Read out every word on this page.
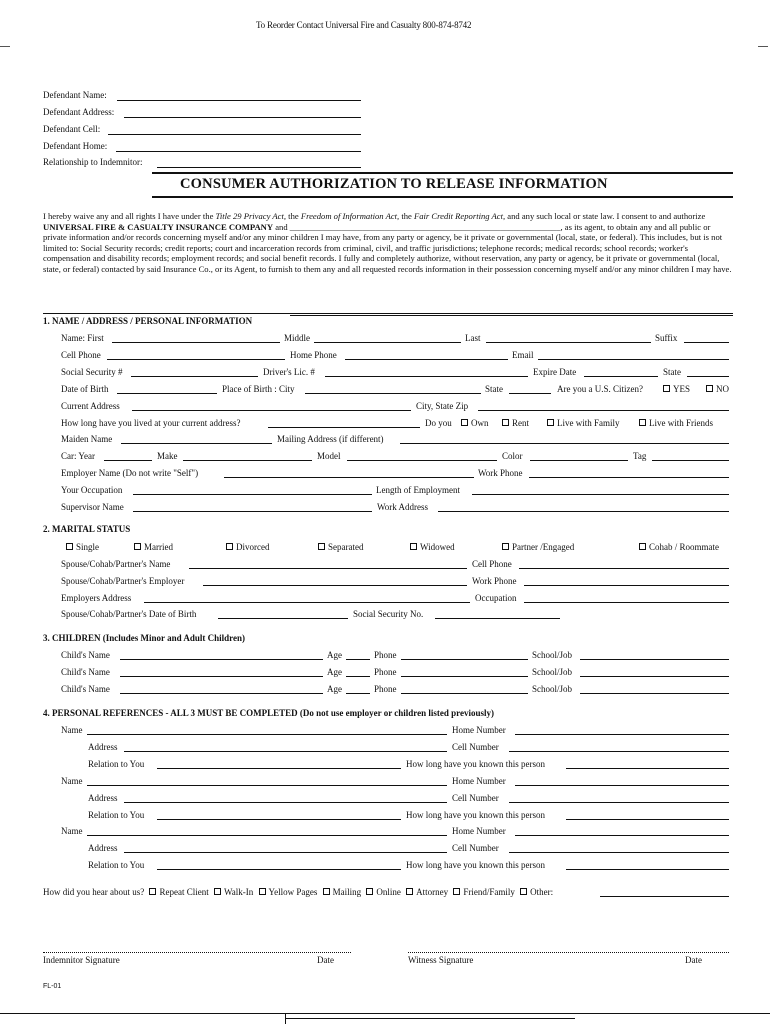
To Reorder Contact Universal Fire and Casualty 800-874-8742
Defendant Name:
Defendant Address:
Defendant Cell:
Defendant Home:
Relationship to Indemnitor:
CONSUMER AUTHORIZATION TO RELEASE INFORMATION
I hereby waive any and all rights I have under the Title 29 Privacy Act, the Freedom of Information Act, the Fair Credit Reporting Act, and any such local or state law. I consent to and authorize UNIVERSAL FIRE & CASUALTY INSURANCE COMPANY and _______________________________________________________________, as its agent, to obtain any and all public or private information and/or records concerning myself and/or any minor children I may have, from any party or agency, be it private or governmental (local, state, or federal). This includes, but is not limited to: Social Security records; credit reports; court and incarceration records from criminal, civil, and traffic jurisdictions; telephone records; medical records; school records; worker's compensation and disability records; employment records; and social benefit records. I fully and completely authorize, without reservation, any party or agency, be it private or governmental (local, state, or federal) contacted by said Insurance Co., or its Agent, to furnish to them any and all requested records information in their possession concerning myself and/or any minor children I may have.
1. NAME / ADDRESS / PERSONAL INFORMATION
Name: First	Middle	Last	Suffix
Cell Phone	Home Phone	Email
Social Security #	Driver's Lic. #	Expire Date	State
Date of Birth	Place of Birth : City	State	Are you a U.S. Citizen?	YES	NO
Current Address	City, State Zip
How long have you lived at your current address?	Do you	Own	Rent	Live with Family	Live with Friends
Maiden Name	Mailing Address (if different)
Car: Year	Make	Model	Color	Tag
Employer Name (Do not write "Self")	Work Phone
Your Occupation	Length of Employment
Supervisor Name	Work Address
2. MARITAL STATUS
Single	Married	Divorced	Separated	Widowed	Partner /Engaged	Cohab / Roommate
Spouse/Cohab/Partner's Name	Cell Phone
Spouse/Cohab/Partner's Employer	Work Phone
Employers Address	Occupation
Spouse/Cohab/Partner's Date of Birth	Social Security No.
3. CHILDREN (Includes Minor and Adult Children)
Child's Name	Age	Phone	School/Job
Child's Name	Age	Phone	School/Job
Child's Name	Age	Phone	School/Job
4. PERSONAL REFERENCES - ALL 3 MUST BE COMPLETED (Do not use employer or children listed previously)
Name	Home Number
Address	Cell Number
Relation to You	How long have you known this person
Name	Home Number
Address	Cell Number
Relation to You	How long have you known this person
Name	Home Number
Address	Cell Number
Relation to You	How long have you known this person
How did you hear about us? Repeat Client Walk-In Yellow Pages Mailing Online Attorney Friend/Family Other:
Indemnitor Signature	Date	Witness Signature	Date
FL-01
